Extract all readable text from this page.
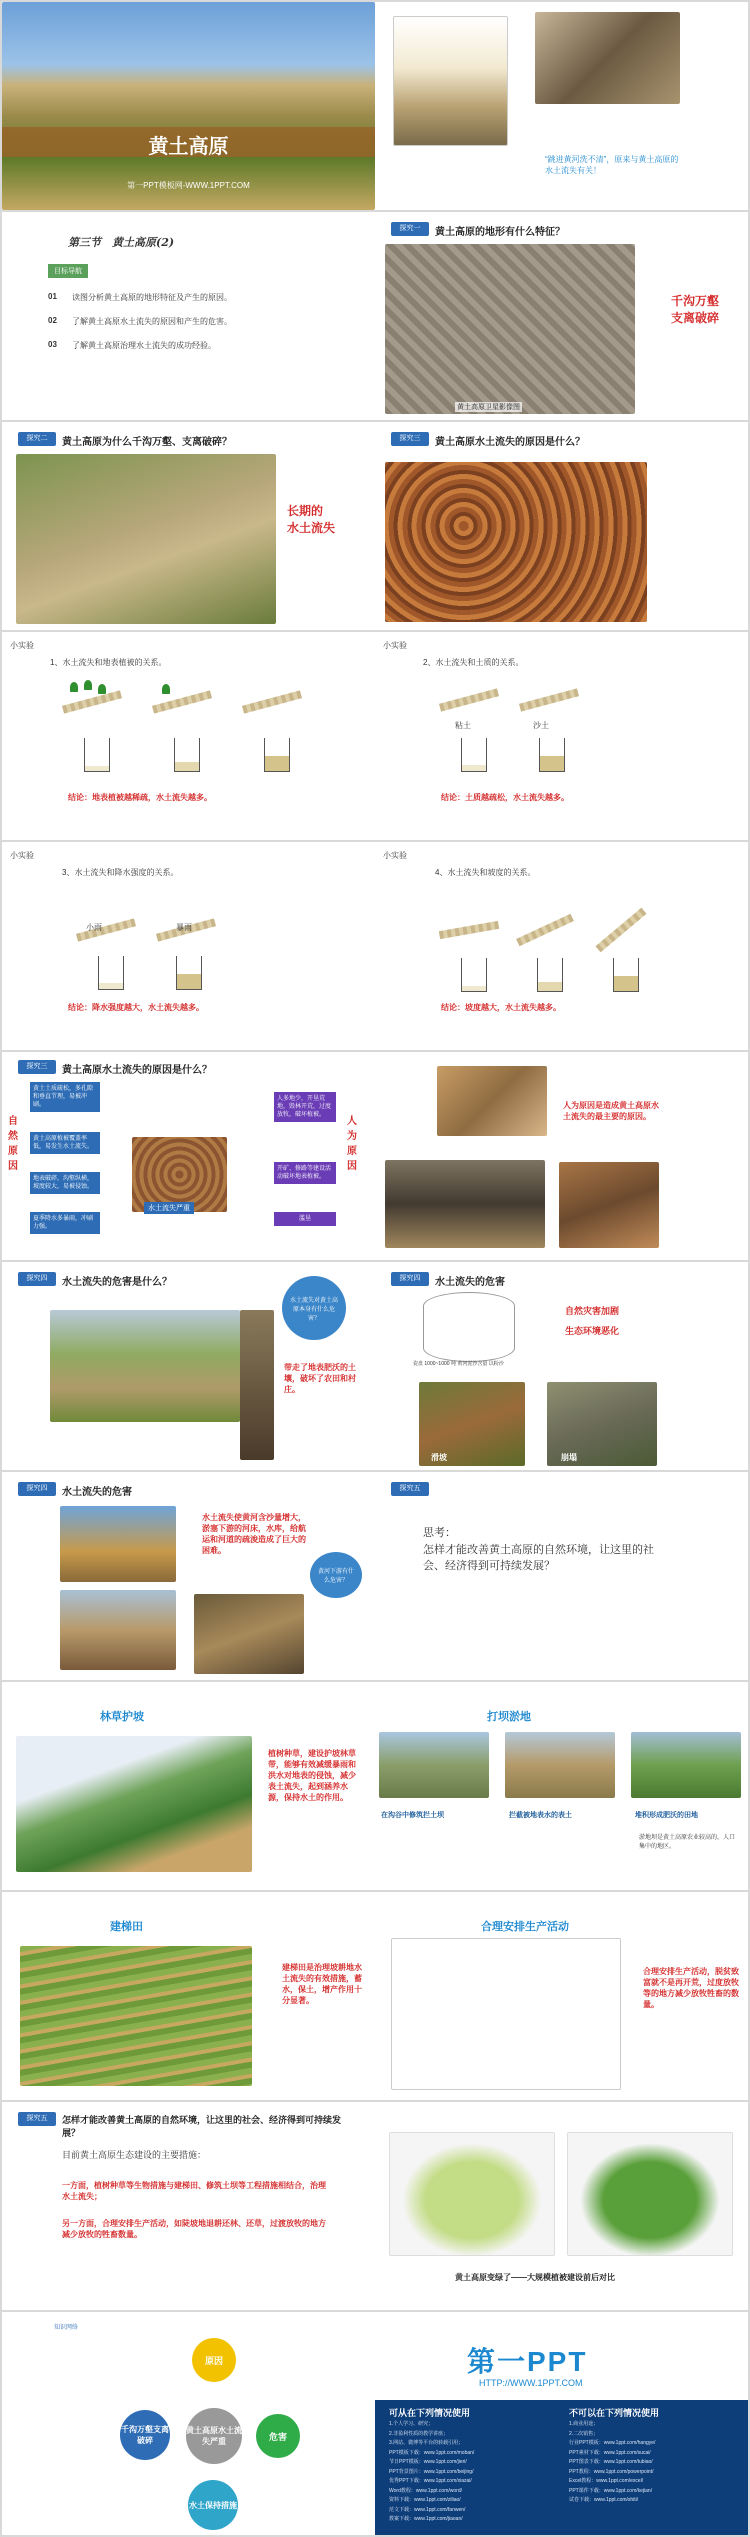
黄土高原
第一PPT模板网-WWW.1PPT.COM
“跳进黄河洗不清”，原来与黄土高原的水土流失有关！
第三节　黄土高原(2)
目标导航
01 读图分析黄土高原的地形特征及产生的原因。
02 了解黄土高原水土流失的原因和产生的危害。
03 了解黄土高原治理水土流失的成功经验。
探究一	黄土高原的地形有什么特征？
黄土高原卫星影像图
千沟万壑
支离破碎
探究二	黄土高原为什么千沟万壑、支离破碎？
长期的
水土流失
探究三	黄土高原水土流失的原因是什么？
小实验
1、水土流失和地表植被的关系。
结论：地表植被越稀疏，水土流失越多。
小实验
2、水土流失和土质的关系。
粘土	沙土
结论：土质越疏松，水土流失越多。
小实验
3、水土流失和降水强度的关系。
小雨	暴雨
结论：降水强度越大，水土流失越多。
小实验
4、水土流失和坡度的关系。
结论：坡度越大，水土流失越多。
探究三	黄土高原水土流失的原因是什么？
自然原因
黄土土质疏松，多孔隙和垂直节理，易被冲刷。
黄土高原植被覆盖率低，易发生水土流失。
地表破碎，沟壑纵横，坡度较大，易被侵蚀。
夏季降水多暴雨，冲刷力强。
水土流失严重
人多地少，开垦荒地，毁林开荒，过度放牧，破坏植被。
开矿、修路等建设活动破坏地表植被。
滥垦
人为原因
人为原因是造成黄土高原水土流失的最主要的原因。
探究四	水土流失的危害是什么？
水土流失对黄土高原本身有什么危害？
带走了地表肥沃的土壤，破坏了农田和村庄。
探究四	水土流失的危害
瓷盘 1000~1000 吨 黄河泥沙含量 以粉沙
自然灾害加剧
生态环境恶化
滑坡	崩塌
探究四	水土流失的危害
水土流失使黄河含沙量增大，淤塞下游的河床，水库，给航运和河道的疏浚造成了巨大的困难。
黄河下游有什么危害？
探究五
思考：
怎样才能改善黄土高原的自然环境，让这里的社会、经济得到可持续发展？
林草护坡
植树种草，建设护坡林草带，能够有效减缓暴雨和洪水对地表的侵蚀，减少表土流失，起到涵养水源，保持水土的作用。
打坝淤地
在沟谷中修筑拦土坝	拦截被地表水的表土	堆积形成肥沃的田地
淤地坝是黄土高原农业较高的，人口集中的地区。
建梯田
建梯田是治理坡耕地水土流失的有效措施，蓄水，保土，增产作用十分显著。
合理安排生产活动
合理安排生产活动，脱贫致富就不是再开荒，过度放牧等的地方减少放牧牲畜的数量。
探究五	怎样才能改善黄土高原的自然环境，让这里的社会、经济得到可持续发展？
目前黄土高原生态建设的主要措施：
一方面，植树种草等生物措施与建梯田、修筑土坝等工程措施相结合，治理水土流失；
另一方面，合理安排生产活动，如陡坡地退耕还林、还草，过渡放牧的地方减少放牧的牲畜数量。
黄土高原变绿了——大规模植被建设前后对比
知识网络
黄土高原水土流失严重
原因
危害
水土保持措施
千沟万壑支离破碎
第一PPT
HTTP://WWW.1PPT.COM
可从在下列情况使用	不可以在下列情况使用
1.个人学习、研究；
2.非盈利性质的教学讲座；
3.网站、微博等平台的转载引用；
PPT模板下载：www.1ppt.com/moban/
节日PPT模板：www.1ppt.com/jieri/
PPT背景图片：www.1ppt.com/beijing/
优秀PPT下载：www.1ppt.com/xiazai/
Word教程：www.1ppt.com/word/
资料下载：www.1ppt.com/ziliao/
范文下载：www.1ppt.com/fanwen/
教案下载：www.1ppt.com/jiaoan/
1.商业用途；
2.二次销售；
行业PPT模板：www.1ppt.com/hangye/
PPT素材下载：www.1ppt.com/sucai/
PPT图表下载：www.1ppt.com/tubiao/
PPT教程：www.1ppt.com/powerpoint/
Excel教程：www.1ppt.com/excel/
PPT课件下载：www.1ppt.com/kejian/
试卷下载：www.1ppt.com/shiti/
